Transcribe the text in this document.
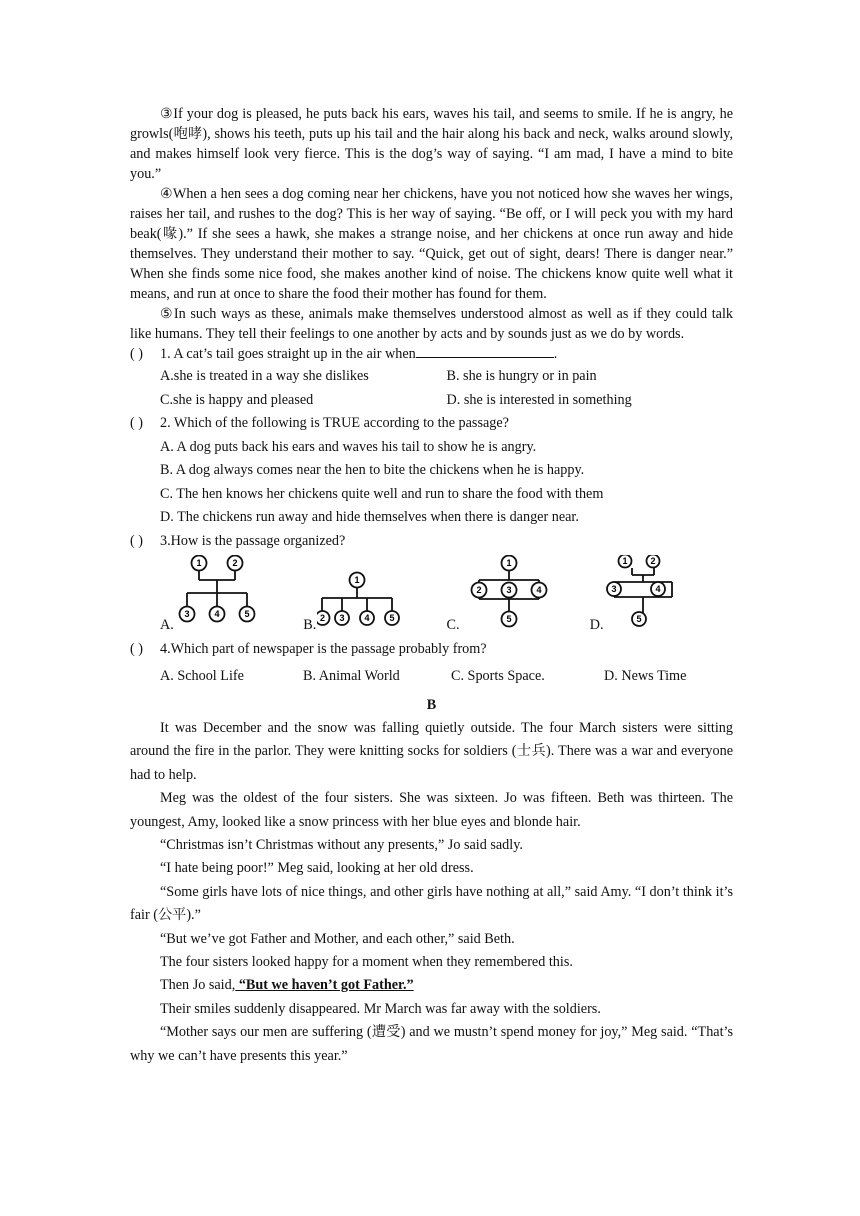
③If your dog is pleased, he puts back his ears, waves his tail, and seems to smile. If he is angry, he growls(咆哮), shows his teeth, puts up his tail and the hair along his back and neck, walks around slowly, and makes himself look very fierce. This is the dog’s way of saying. “I am mad, I have a mind to bite you.”

④When a hen sees a dog coming near her chickens, have you not noticed how she waves her wings, raises her tail, and rushes to the dog? This is her way of saying. “Be off, or I will peck you with my hard beak(喙).” If she sees a hawk, she makes a strange noise, and her chickens at once run away and hide themselves. They understand their mother to say. “Quick, get out of sight, dears! There is danger near.” When she finds some nice food, she makes another kind of noise. The chickens know quite well what it means, and run at once to share the food their mother has found for them.

⑤In such ways as these, animals make themselves understood almost as well as if they could talk like humans. They tell their feelings to one another by acts and by sounds just as we do by words.

( ) 1. A cat’s tail goes straight up in the air when	.
A.she is treated in a way she dislikes	B. she is hungry or in pain
C.she is happy and pleased	D. she is interested in something
( ) 2. Which of the following is TRUE according to the passage?
A. A dog puts back his ears and waves his tail to show he is angry.
B. A dog always comes near the hen to bite the chickens when he is happy.
C. The hen knows her chickens quite well and run to share the food with them
D. The chickens run away and hide themselves when there is danger near.
( ) 3.How is the passage organized?
A.
1	2
3	4	5
B.
1
2 3 4 5	C.
1
2	3	4
5	D.
1	2
3	4
5
( ) 4.Which part of newspaper is the passage probably from?
A. School Life	B. Animal World	C. Sports Space.	D. News Time
B

It was December and the snow was falling quietly outside. The four March sisters were sitting around the fire in the parlor. They were knitting socks for soldiers (士兵). There was a war and everyone had to help.

Meg was the oldest of the four sisters. She was sixteen. Jo was fifteen. Beth was thirteen. The youngest, Amy, looked like a snow princess with her blue eyes and blonde hair.

“Christmas isn’t Christmas without any presents,” Jo said sadly.

“I hate being poor!” Meg said, looking at her old dress.

“Some girls have lots of nice things, and other girls have nothing at all,” said Amy. “I don’t think it’s fair (公平).”

“But we’ve got Father and Mother, and each other,” said Beth.

The four sisters looked happy for a moment when they remembered this.

Then Jo said, “But we haven’t got Father.”

Their smiles suddenly disappeared. Mr March was far away with the soldiers.

“Mother says our men are suffering (遭受) and we mustn’t spend money for joy,” Meg said. “That’s why we can’t have presents this year.”
